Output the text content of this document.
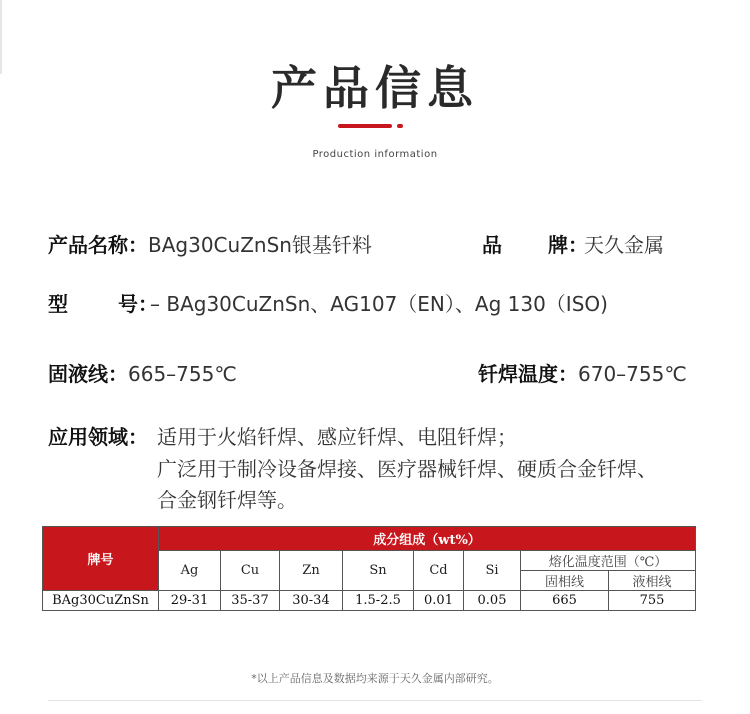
产品信息
Production information
产品名称：BAg30CuZnSn银基钎料	品 牌：天久金属
型	号：– BAg30CuZnSn、AG107（EN）、Ag 130（ISO)
固液线：665–755℃	钎焊温度：670–755℃
应用领域： 适用于火焰钎焊、感应钎焊、电阻钎焊；
广泛用于制冷设备焊接、医疗器械钎焊、硬质合金钎焊、
合金钢钎焊等。
牌号	成分组成（wt%）							
	Ag	Cu	Zn	Sn	Cd	Si	熔化温度范围（℃）	
							固相线	液相线
BAg30CuZnSn	29-31	35-37	30-34	1.5-2.5	0.01	0.05	665	755
*以上产品信息及数据均来源于天久金属内部研究。
